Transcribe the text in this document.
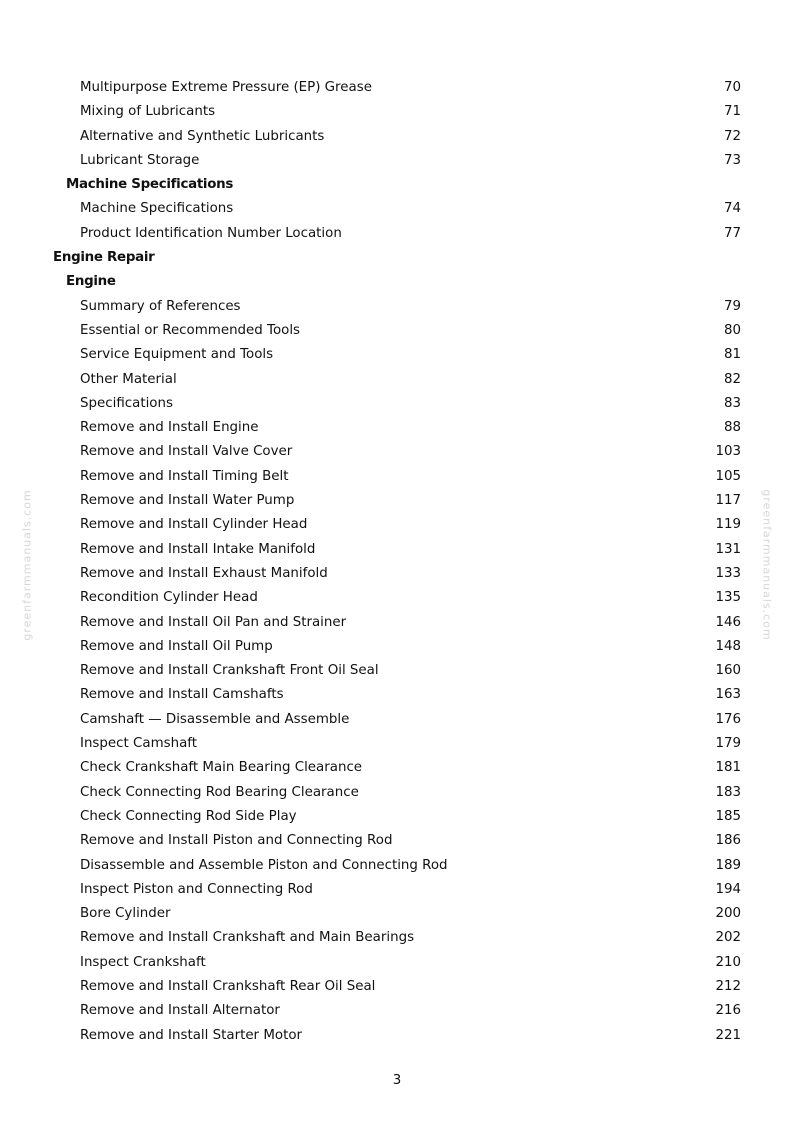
Multipurpose Extreme Pressure (EP) Grease	70
Mixing of Lubricants	71
Alternative and Synthetic Lubricants	72
Lubricant Storage	73
Machine Specifications
Machine Specifications	74
Product Identification Number Location	77
Engine Repair
Engine
Summary of References	79
Essential or Recommended Tools	80
Service Equipment and Tools	81
Other Material	82
Specifications	83
Remove and Install Engine	88
Remove and Install Valve Cover	103
Remove and Install Timing Belt	105
Remove and Install Water Pump	117
Remove and Install Cylinder Head	119
Remove and Install Intake Manifold	131
Remove and Install Exhaust Manifold	133
Recondition Cylinder Head	135
Remove and Install Oil Pan and Strainer	146
Remove and Install Oil Pump	148
Remove and Install Crankshaft Front Oil Seal	160
Remove and Install Camshafts	163
Camshaft — Disassemble and Assemble	176
Inspect Camshaft	179
Check Crankshaft Main Bearing Clearance	181
Check Connecting Rod Bearing Clearance	183
Check Connecting Rod Side Play	185
Remove and Install Piston and Connecting Rod	186
Disassemble and Assemble Piston and Connecting Rod	189
Inspect Piston and Connecting Rod	194
Bore Cylinder	200
Remove and Install Crankshaft and Main Bearings	202
Inspect Crankshaft	210
Remove and Install Crankshaft Rear Oil Seal	212
Remove and Install Alternator	216
Remove and Install Starter Motor	221
greenfarmmanuals.com	greenfarmmanuals.com
3
